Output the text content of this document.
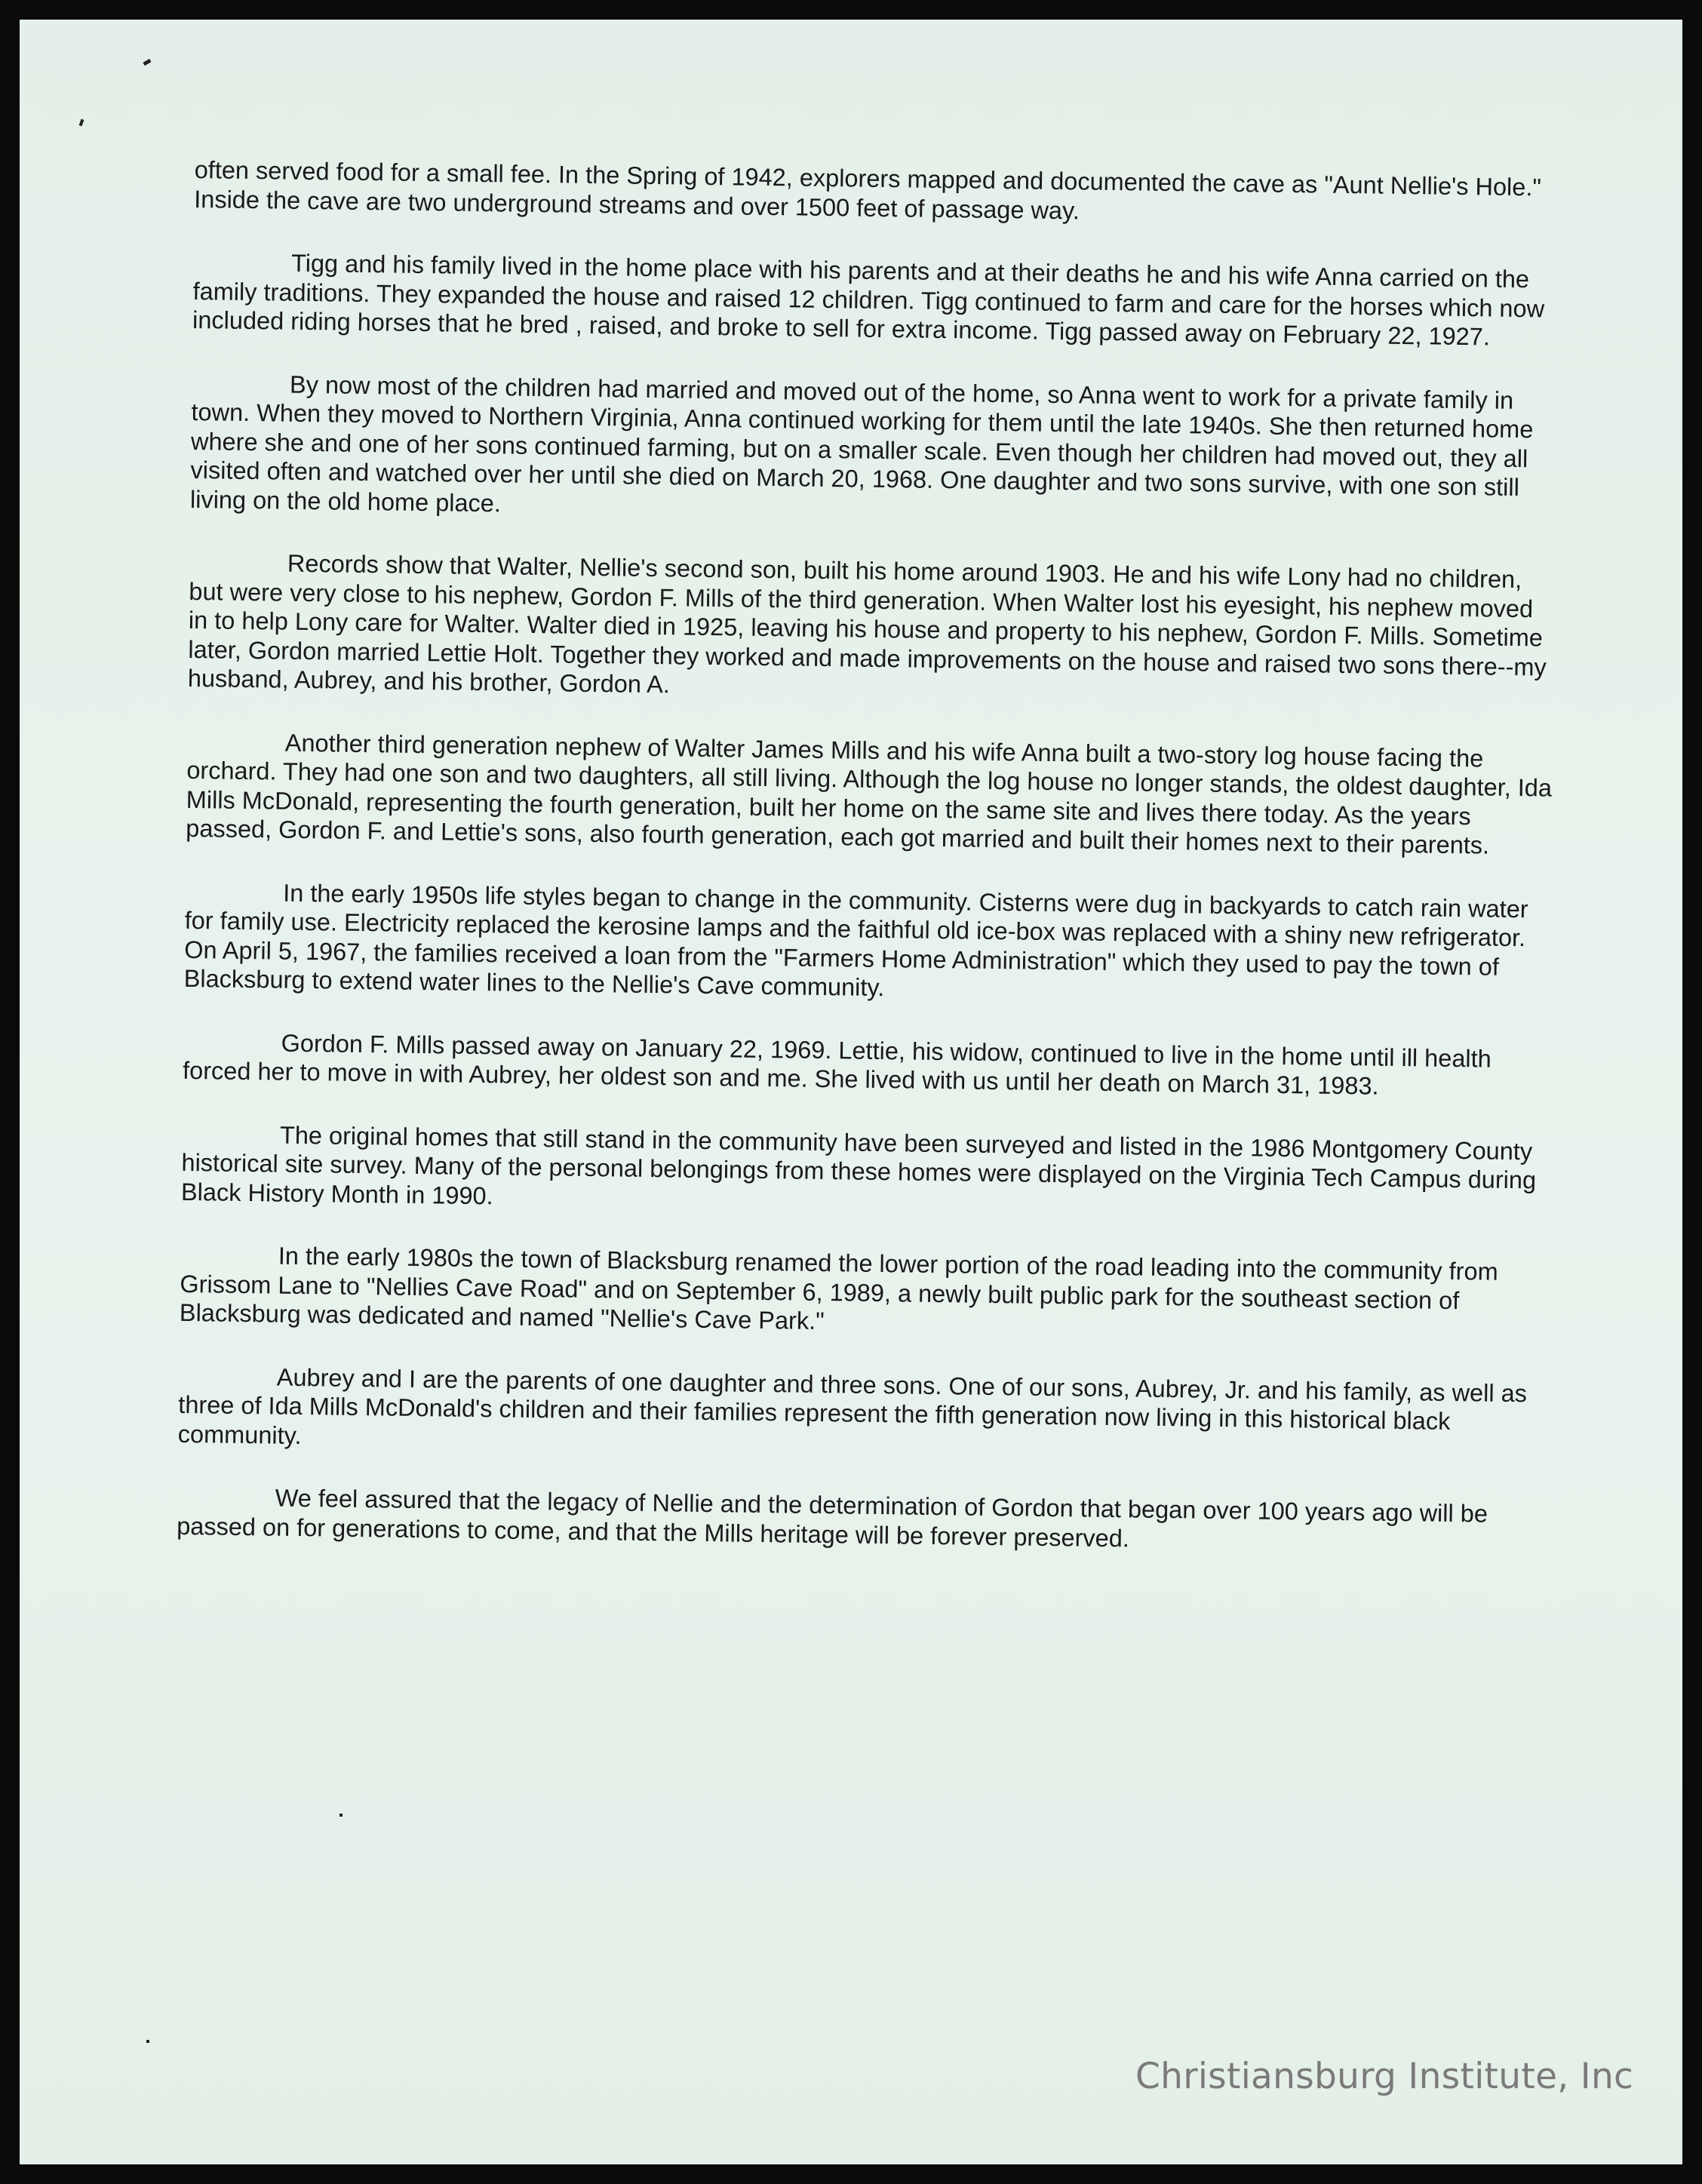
often served food for a small fee. In the Spring of 1942, explorers mapped and documented the cave as "Aunt Nellie's Hole." Inside the cave are two underground streams and over 1500 feet of passage way.

Tigg and his family lived in the home place with his parents and at their deaths he and his wife Anna carried on the family traditions. They expanded the house and raised 12 children. Tigg continued to farm and care for the horses which now included riding horses that he bred , raised, and broke to sell for extra income. Tigg passed away on February 22, 1927.

By now most of the children had married and moved out of the home, so Anna went to work for a private family in town. When they moved to Northern Virginia, Anna continued working for them until the late 1940s. She then returned home where she and one of her sons continued farming, but on a smaller scale. Even though her children had moved out, they all visited often and watched over her until she died on March 20, 1968. One daughter and two sons survive, with one son still living on the old home place.

Records show that Walter, Nellie's second son, built his home around 1903. He and his wife Lony had no children, but were very close to his nephew, Gordon F. Mills of the third generation. When Walter lost his eyesight, his nephew moved in to help Lony care for Walter. Walter died in 1925, leaving his house and property to his nephew, Gordon F. Mills. Sometime later, Gordon married Lettie Holt. Together they worked and made improvements on the house and raised two sons there--my husband, Aubrey, and his brother, Gordon A.

Another third generation nephew of Walter James Mills and his wife Anna built a two-story log house facing the orchard. They had one son and two daughters, all still living. Although the log house no longer stands, the oldest daughter, Ida Mills McDonald, representing the fourth generation, built her home on the same site and lives there today. As the years passed, Gordon F. and Lettie's sons, also fourth generation, each got married and built their homes next to their parents.

In the early 1950s life styles began to change in the community. Cisterns were dug in backyards to catch rain water for family use. Electricity replaced the kerosine lamps and the faithful old ice-box was replaced with a shiny new refrigerator. On April 5, 1967, the families received a loan from the "Farmers Home Administration" which they used to pay the town of Blacksburg to extend water lines to the Nellie's Cave community.

Gordon F. Mills passed away on January 22, 1969. Lettie, his widow, continued to live in the home until ill health forced her to move in with Aubrey, her oldest son and me. She lived with us until her death on March 31, 1983.

The original homes that still stand in the community have been surveyed and listed in the 1986 Montgomery County historical site survey. Many of the personal belongings from these homes were displayed on the Virginia Tech Campus during Black History Month in 1990.

In the early 1980s the town of Blacksburg renamed the lower portion of the road leading into the community from Grissom Lane to "Nellies Cave Road" and on September 6, 1989, a newly built public park for the southeast section of Blacksburg was dedicated and named "Nellie's Cave Park."

Aubrey and I are the parents of one daughter and three sons. One of our sons, Aubrey, Jr. and his family, as well as three of Ida Mills McDonald's children and their families represent the fifth generation now living in this historical black community.

We feel assured that the legacy of Nellie and the determination of Gordon that began over 100 years ago will be passed on for generations to come, and that the Mills heritage will be forever preserved.

Christiansburg Institute, Inc
